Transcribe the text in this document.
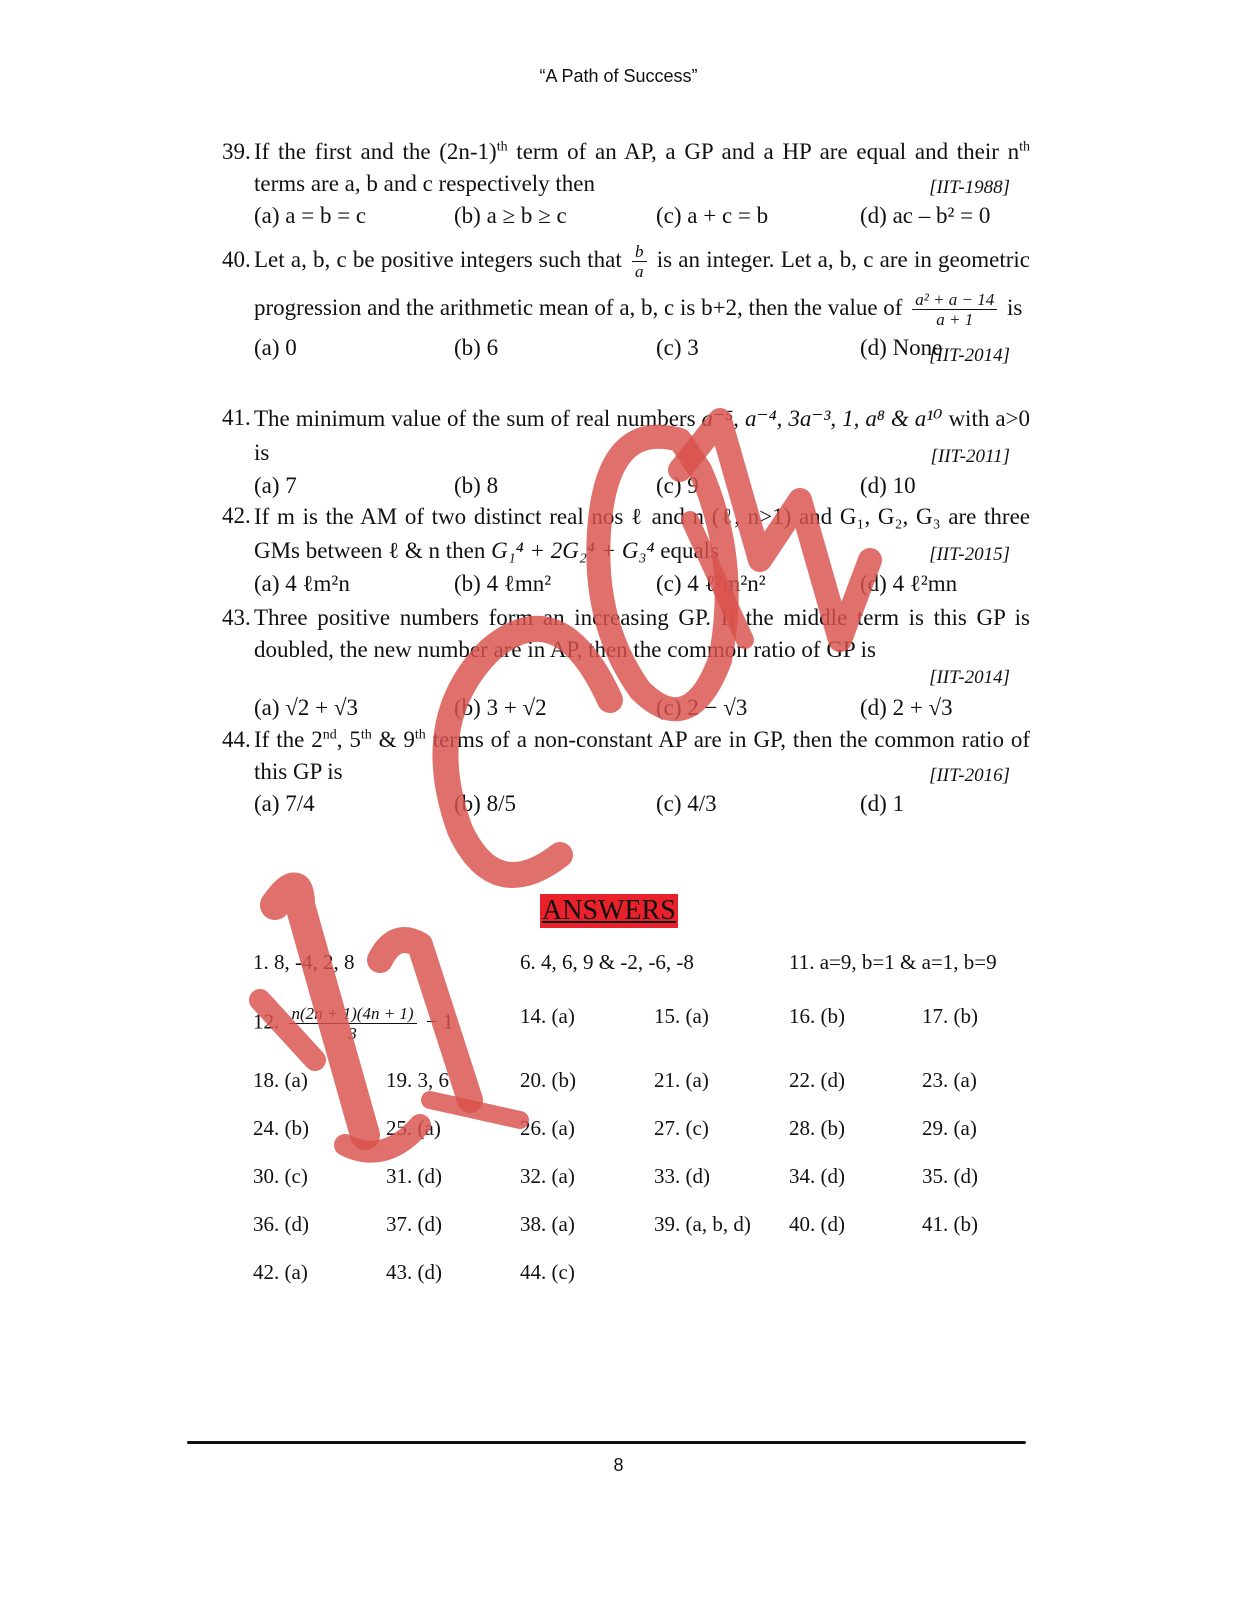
“A Path of Success”
39. If the first and the $(2n-1)^{th}$ term of an AP, a GP and a HP are equal and their $n^{th}$ terms are a, b and c respectively then	[IIT-1988]
(a) a = b = c	(b) a ≥ b ≥ c	(c) a + c = b	(d) ac – b² = 0
40. Let a, b, c be positive integers such that $\frac{b}{a}$ is an integer. Let a, b, c are in geometric progression and the arithmetic mean of a, b, c is b+2, then the value of $\frac{\text{a² + a − 14}}{a + 1}$ is
[IIT-2014]
(a) 0	(b) 6	(c) 3	(d) None
41. The minimum value of the sum of real numbers a⁻⁵, a⁻⁴, 3a⁻³, 1, a⁸ & a¹⁰ with a>0 is	[IIT-2011]
(a) 7	(b) 8	(c) 9	(d) 10
42. If m is the AM of two distinct real nos ℓ and n (ℓ, n>1) and G₁, G₂, G₃ are three GMs between ℓ & n then G₁⁴ + 2G₂⁴ + G₃⁴ equals	[IIT-2015]
(a) 4 ℓm²n	(b) 4 ℓmn²	(c) 4 ℓ²m²n²	(d) 4 ℓ²mn
43. Three positive numbers form an increasing GP. If the middle term is this GP is doubled, the new number are in AP, then the common ratio of GP is
[IIT-2014]
(a) √2 + √3	(b) 3 + √2	(c) 2 − √3	(d) 2 + √3
44. If the 2nd, 5th & 9th terms of a non-constant AP are in GP, then the common ratio of this GP is	[IIT-2016]
(a) 7/4	(b) 8/5	(c) 4/3	(d) 1
ANSWERS
1. 8, -4, 2, 8	6. 4, 6, 9 & -2, -6, -8	11. a=9, b=1 & a=1, b=9
12. $\frac{n(2n + 1)(4n + 1)}{3} - 1$	14. (a)	15. (a)	16. (b)	17. (b)
18. (a)	19. 3, 6	20. (b)	21. (a)	22. (d)	23. (a)
24. (b)	25. (a)	26. (a)	27. (c)	28. (b)	29. (a)
30. (c)	31. (d)	32. (a)	33. (d)	34. (d)	35. (d)
36. (d)	37. (d)	38. (a)	39. (a, b, d) 40. (d)	41. (b)
42. (a)	43. (d)	44. (c)
8
